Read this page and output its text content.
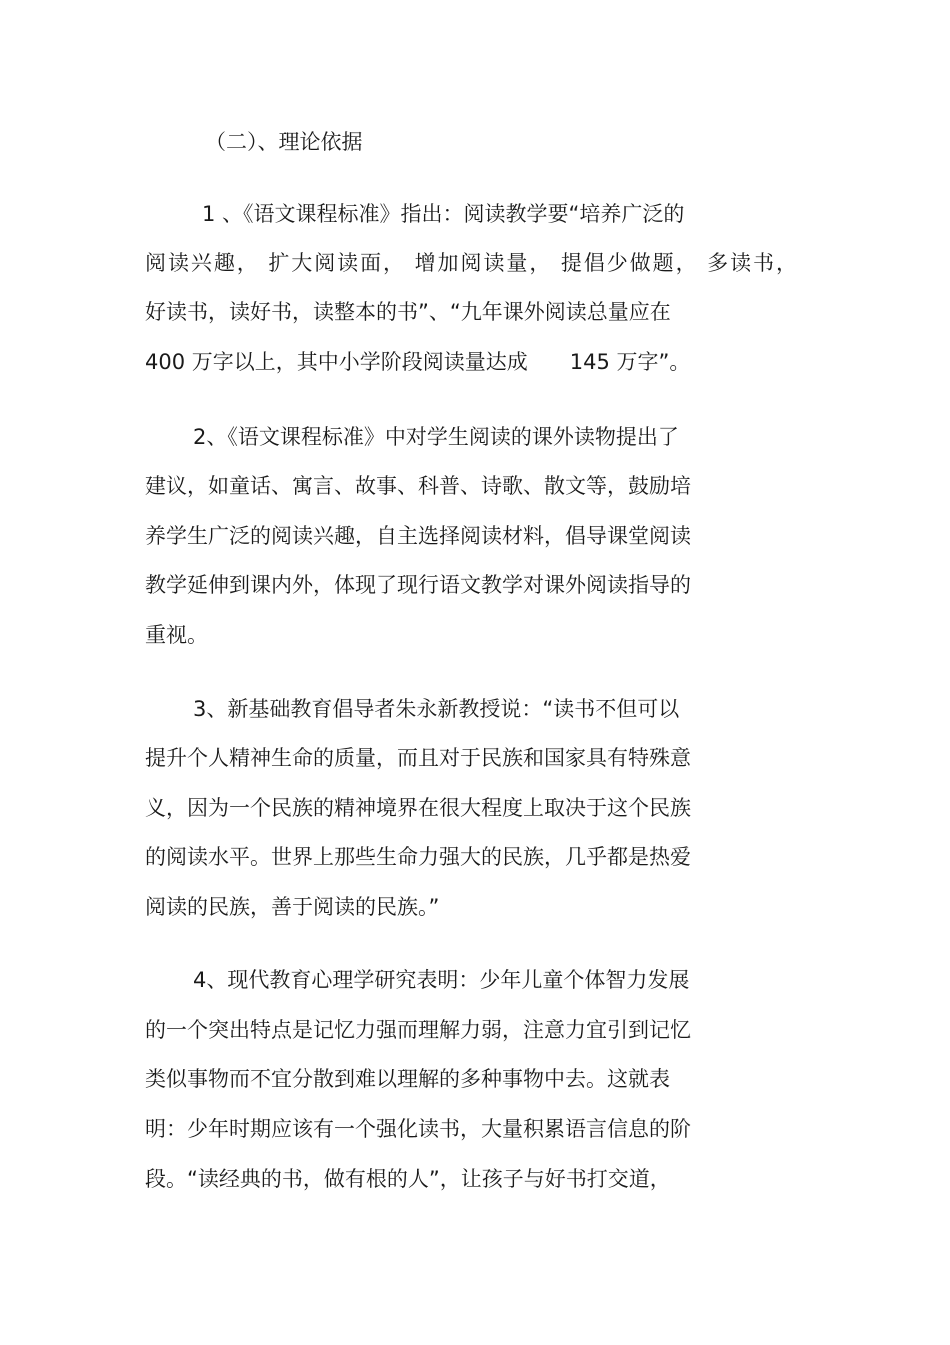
（二）、理论依据
1 、《语文课程标准》指出：阅读教学要“培养广泛的
阅读兴趣， 扩大阅读面， 增加阅读量， 提倡少做题， 多读书，
好读书，读好书，读整本的书”、“九年课外阅读总量应在
400 万字以上，其中小学阶段阅读量达成　　145 万字”。
2、《语文课程标准》中对学生阅读的课外读物提出了
建议，如童话、寓言、故事、科普、诗歌、散文等，鼓励培
养学生广泛的阅读兴趣，自主选择阅读材料，倡导课堂阅读
教学延伸到课内外，体现了现行语文教学对课外阅读指导的
重视。
3、新基础教育倡导者朱永新教授说：“读书不但可以
提升个人精神生命的质量，而且对于民族和国家具有特殊意
义，因为一个民族的精神境界在很大程度上取决于这个民族
的阅读水平。世界上那些生命力强大的民族，几乎都是热爱
阅读的民族，善于阅读的民族。”
4、现代教育心理学研究表明：少年儿童个体智力发展
的一个突出特点是记忆力强而理解力弱，注意力宜引到记忆
类似事物而不宜分散到难以理解的多种事物中去。这就表
明：少年时期应该有一个强化读书，大量积累语言信息的阶
段。“读经典的书，做有根的人”，让孩子与好书打交道，
